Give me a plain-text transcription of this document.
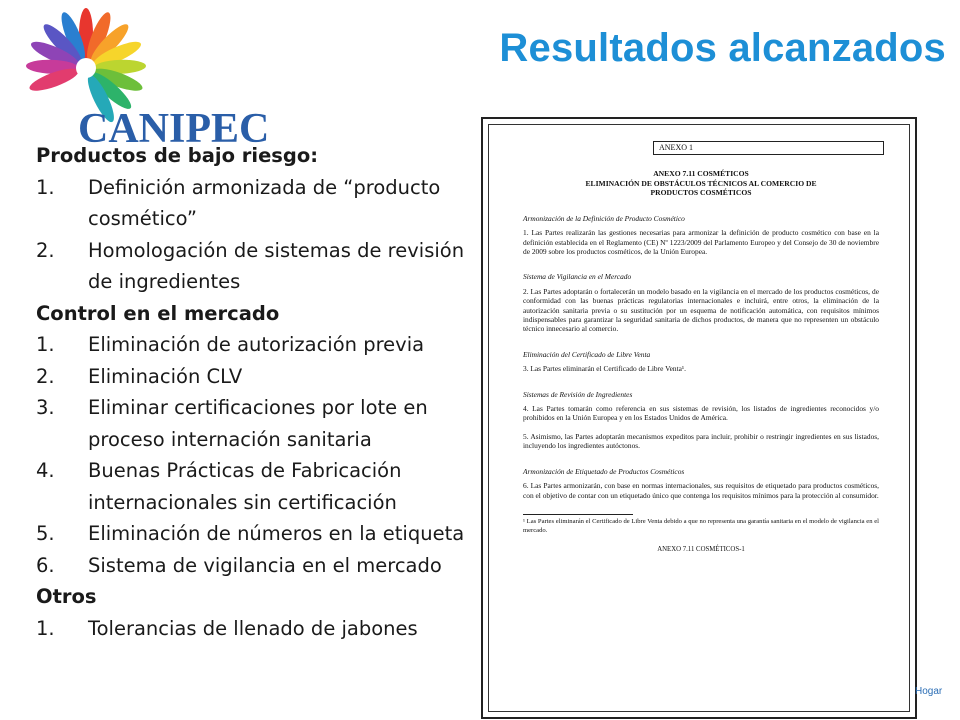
CANIPEC
Resultados alcanzados
Productos de bajo riesgo:
1. Definición armonizada de “producto cosmético”
2. Homologación de sistemas de revisión de ingredientes
Control en el mercado
1. Eliminación de autorización previa
2. Eliminación CLV
3. Eliminar certificaciones por lote en proceso internación sanitaria
4. Buenas Prácticas de Fabricación internacionales sin certificación
5. Eliminación de números en la etiqueta
6. Sistema de vigilancia en el mercado
Otros
1. Tolerancias de llenado de jabones
ANEXO 1
ANEXO 7.11 COSMÉTICOS
ELIMINACIÓN DE OBSTÁCULOS TÉCNICOS AL COMERCIO DE
PRODUCTOS COSMÉTICOS
Armonización de la Definición de Producto Cosmético
1. Las Partes realizarán las gestiones necesarias para armonizar la definición de producto cosmético con base en la definición establecida en el Reglamento (CE) Nº 1223/2009 del Parlamento Europeo y del Consejo de 30 de noviembre de 2009 sobre los productos cosméticos, de la Unión Europea.
Sistema de Vigilancia en el Mercado
2. Las Partes adoptarán o fortalecerán un modelo basado en la vigilancia en el mercado de los productos cosméticos, de conformidad con las buenas prácticas regulatorias internacionales e incluirá, entre otros, la eliminación de la autorización sanitaria previa o su sustitución por un esquema de notificación automática, con requisitos mínimos indispensables para garantizar la seguridad sanitaria de dichos productos, de manera que no representen un obstáculo técnico innecesario al comercio.
Eliminación del Certificado de Libre Venta
3. Las Partes eliminarán el Certificado de Libre Venta¹.
Sistemas de Revisión de Ingredientes
4. Las Partes tomarán como referencia en sus sistemas de revisión, los listados de ingredientes reconocidos y/o prohibidos en la Unión Europea y en los Estados Unidos de América.
5. Asimismo, las Partes adoptarán mecanismos expeditos para incluir, prohibir o restringir ingredientes en sus listados, incluyendo los ingredientes autóctonos.
Armonización de Etiquetado de Productos Cosméticos
6. Las Partes armonizarán, con base en normas internacionales, sus requisitos de etiquetado para productos cosméticos, con el objetivo de contar con un etiquetado único que contenga los requisitos mínimos para la protección al consumidor.
¹ Las Partes eliminarán el Certificado de Libre Venta debido a que no representa una garantía sanitaria en el modelo de vigilancia en el mercado.
ANEXO 7.11 COSMÉTICOS-1
Hogar
